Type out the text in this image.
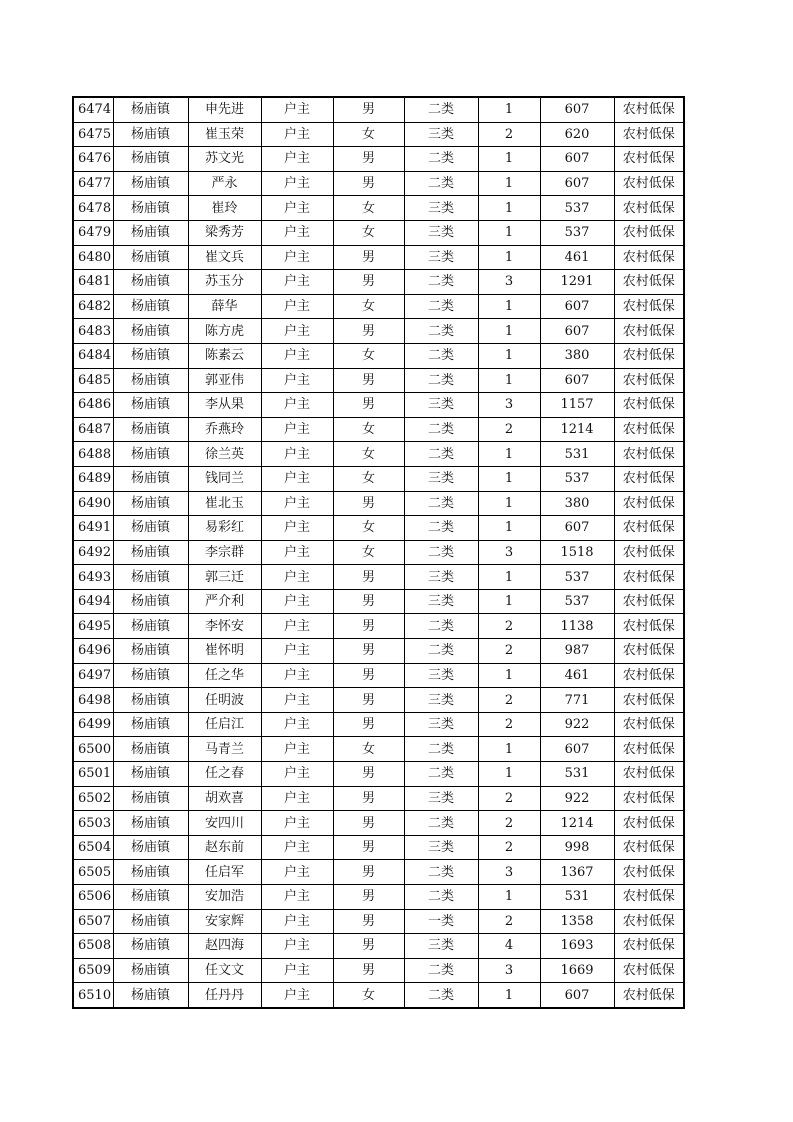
6474	杨庙镇	申先进	户主	男	二类	1	607	农村低保
6475	杨庙镇	崔玉荣	户主	女	三类	2	620	农村低保
6476	杨庙镇	苏文光	户主	男	二类	1	607	农村低保
6477	杨庙镇	严永	户主	男	二类	1	607	农村低保
6478	杨庙镇	崔玲	户主	女	三类	1	537	农村低保
6479	杨庙镇	梁秀芳	户主	女	三类	1	537	农村低保
6480	杨庙镇	崔文兵	户主	男	三类	1	461	农村低保
6481	杨庙镇	苏玉分	户主	男	二类	3	1291	农村低保
6482	杨庙镇	薛华	户主	女	二类	1	607	农村低保
6483	杨庙镇	陈方虎	户主	男	二类	1	607	农村低保
6484	杨庙镇	陈素云	户主	女	二类	1	380	农村低保
6485	杨庙镇	郭亚伟	户主	男	二类	1	607	农村低保
6486	杨庙镇	李从果	户主	男	三类	3	1157	农村低保
6487	杨庙镇	乔燕玲	户主	女	二类	2	1214	农村低保
6488	杨庙镇	徐兰英	户主	女	二类	1	531	农村低保
6489	杨庙镇	钱同兰	户主	女	三类	1	537	农村低保
6490	杨庙镇	崔北玉	户主	男	二类	1	380	农村低保
6491	杨庙镇	易彩红	户主	女	二类	1	607	农村低保
6492	杨庙镇	李宗群	户主	女	二类	3	1518	农村低保
6493	杨庙镇	郭三迁	户主	男	三类	1	537	农村低保
6494	杨庙镇	严介利	户主	男	三类	1	537	农村低保
6495	杨庙镇	李怀安	户主	男	二类	2	1138	农村低保
6496	杨庙镇	崔怀明	户主	男	二类	2	987	农村低保
6497	杨庙镇	任之华	户主	男	三类	1	461	农村低保
6498	杨庙镇	任明波	户主	男	三类	2	771	农村低保
6499	杨庙镇	任启江	户主	男	三类	2	922	农村低保
6500	杨庙镇	马青兰	户主	女	二类	1	607	农村低保
6501	杨庙镇	任之春	户主	男	二类	1	531	农村低保
6502	杨庙镇	胡欢喜	户主	男	三类	2	922	农村低保
6503	杨庙镇	安四川	户主	男	二类	2	1214	农村低保
6504	杨庙镇	赵东前	户主	男	三类	2	998	农村低保
6505	杨庙镇	任启军	户主	男	二类	3	1367	农村低保
6506	杨庙镇	安加浩	户主	男	二类	1	531	农村低保
6507	杨庙镇	安家辉	户主	男	一类	2	1358	农村低保
6508	杨庙镇	赵四海	户主	男	三类	4	1693	农村低保
6509	杨庙镇	任文文	户主	男	二类	3	1669	农村低保
6510	杨庙镇	任丹丹	户主	女	二类	1	607	农村低保
